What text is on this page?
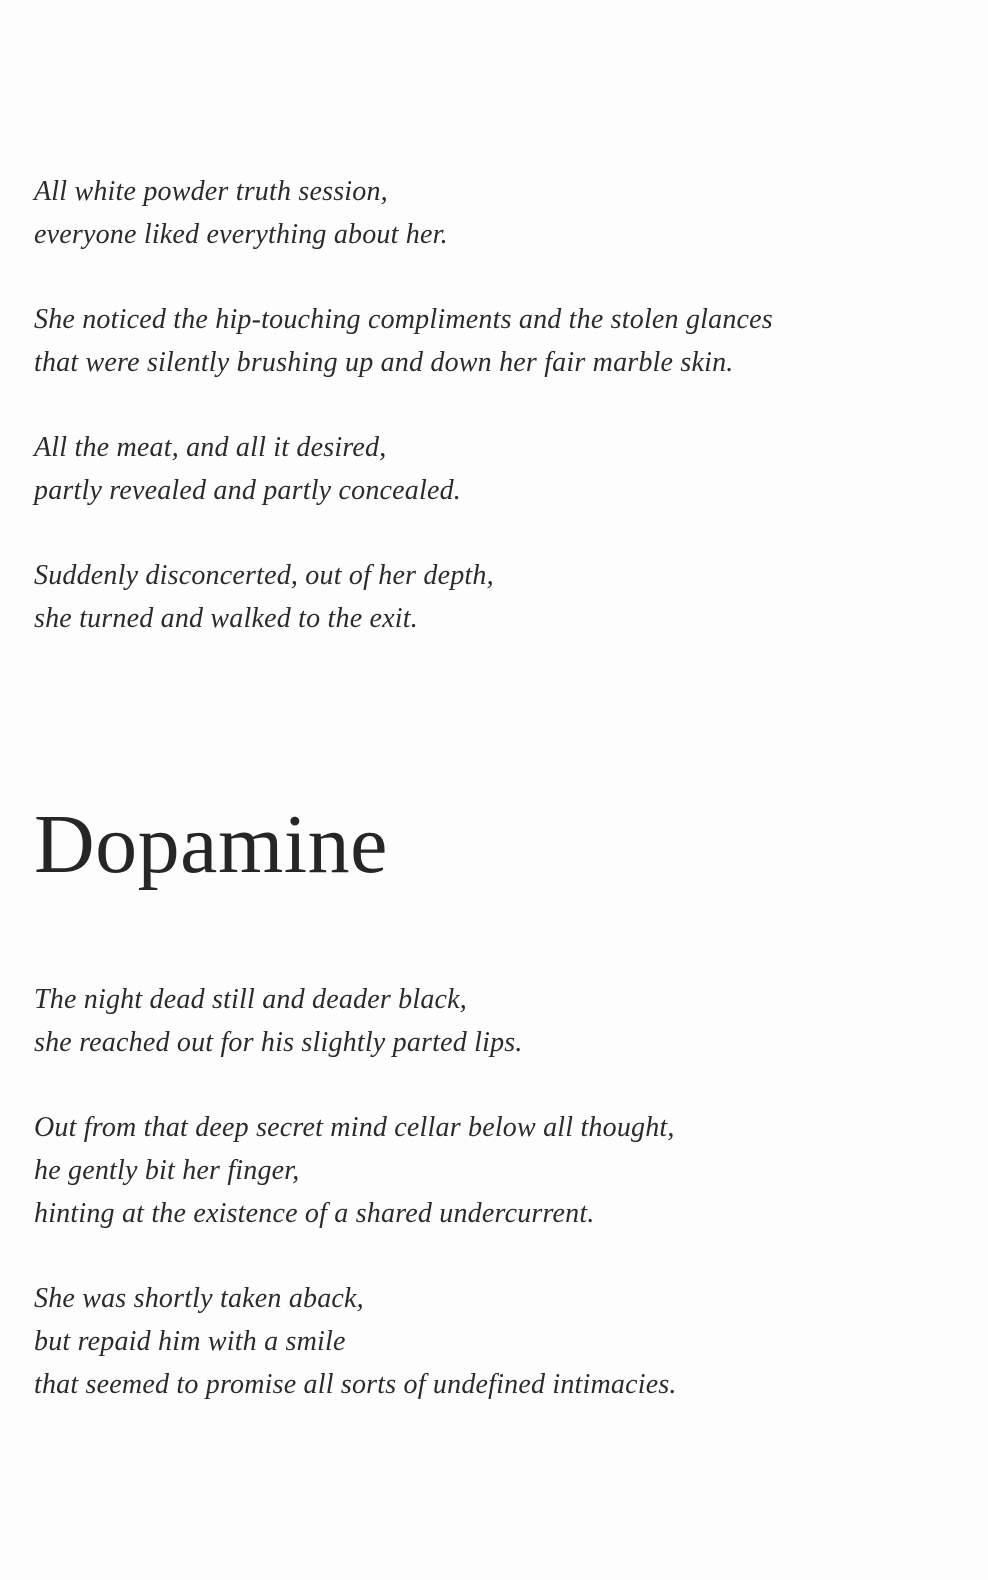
All white powder truth session,
everyone liked everything about her.
She noticed the hip-touching compliments and the stolen glances
that were silently brushing up and down her fair marble skin.
All the meat, and all it desired,
partly revealed and partly concealed.
Suddenly disconcerted, out of her depth,
she turned and walked to the exit.
Dopamine
The night dead still and deader black,
she reached out for his slightly parted lips.
Out from that deep secret mind cellar below all thought,
he gently bit her finger,
hinting at the existence of a shared undercurrent.
She was shortly taken aback,
but repaid him with a smile
that seemed to promise all sorts of undefined intimacies.
